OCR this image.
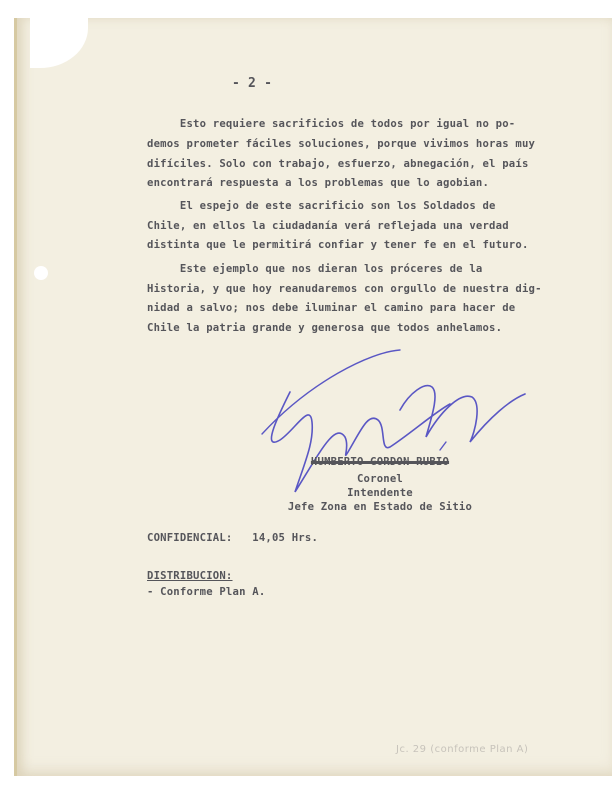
- 2 -
Esto requiere sacrificios de todos por igual no po-
demos prometer fáciles soluciones, porque vivimos horas muy
difíciles. Solo con trabajo, esfuerzo, abnegación, el país
encontrará respuesta a los problemas que lo agobian.
El espejo de este sacrificio son los Soldados de
Chile, en ellos la ciudadanía verá reflejada una verdad
distinta que le permitirá confiar y tener fe en el futuro.
Este ejemplo que nos dieran los próceres de la
Historia, y que hoy reanudaremos con orgullo de nuestra dig-
nidad a salvo; nos debe iluminar el camino para hacer de
Chile la patria grande y generosa que todos anhelamos.
HUMBERTO GORDON RUBIO
Coronel
Intendente
Jefe Zona en Estado de Sitio
CONFIDENCIAL:   14,05 Hrs.
DISTRIBUCION:
- Conforme Plan A.
Jc. 29 (conforme Plan A)
